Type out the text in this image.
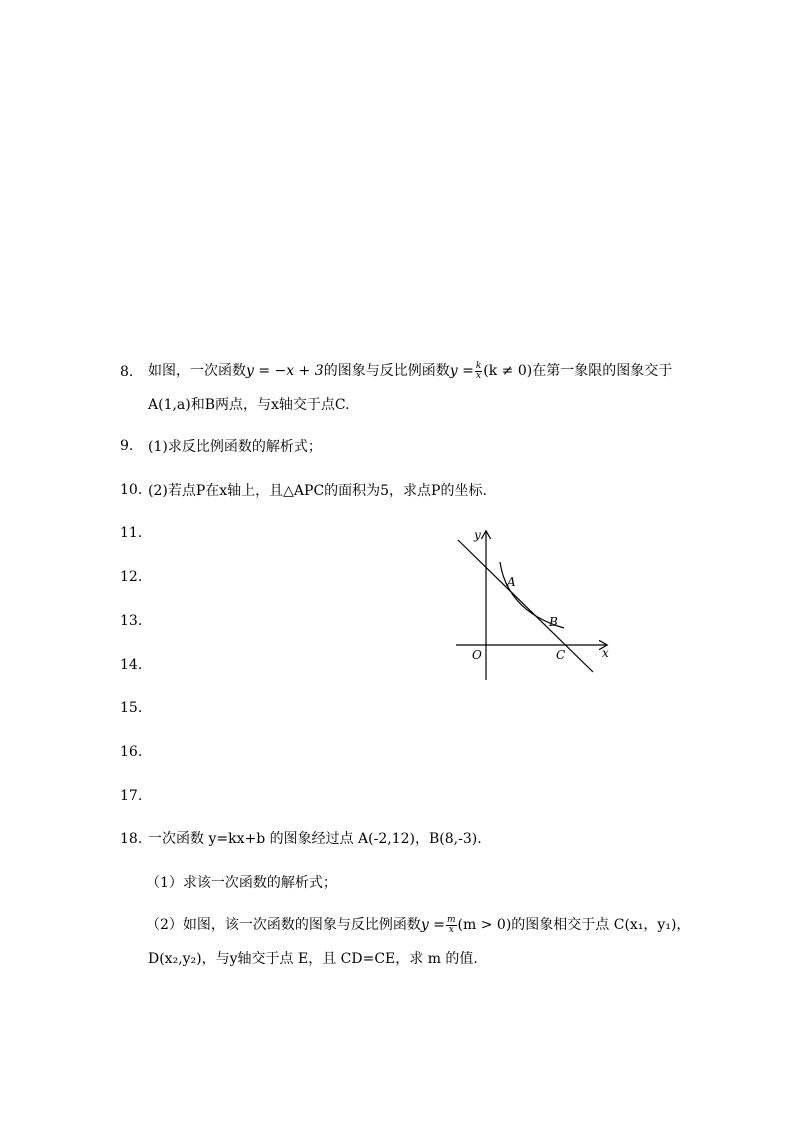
8.
9.
10.
11.
12.
13.
14.
15.
16.
17.
18.
如图，一次函数y = −x + 3的图象与反比例函数$y = \frac{k}{x} (k \ne 0)$在第一象限的图象交于
A(1,a)和B两点，与x轴交于点C.
(1)求反比例函数的解析式；
(2)若点P在x轴上，且△APC的面积为5，求点P的坐标.
y
x
O
A
B
C
一次函数 y=kx+b 的图象经过点 A(-2,12)，B(8,-3).
（1）求该一次函数的解析式；
（2）如图，该一次函数的图象与反比例函数$y = \frac{m}{x} (m > 0)$的图象相交于点 C(x₁，y₁)，
D(x₂,y₂)，与y轴交于点 E，且 CD=CE，求 m 的值.
